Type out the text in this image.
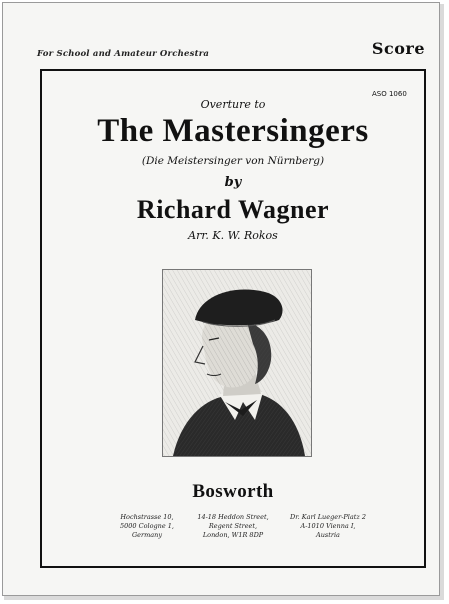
For School and Amateur Orchestra	Score
ASO 1060
Overture to
The Mastersingers
(Die Meistersinger von Nürnberg)
by
Richard Wagner
Arr. K. W. Rokos
Bosworth
Hochstrasse 10,
5000 Cologne 1,
Germany
14-18 Heddon Street,
Regent Street,
London, W1R 8DP
Dr. Karl Lueger-Platz 2
A-1010 Vienna I,
Austria
